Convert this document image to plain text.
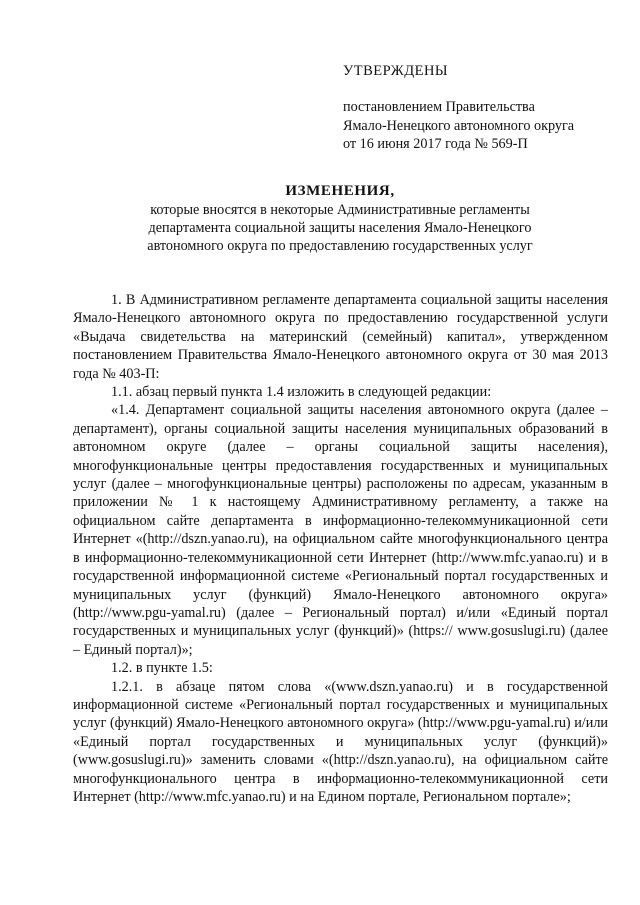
УТВЕРЖДЕНЫ
постановлением Правительства
Ямало-Ненецкого автономного округа
от 16 июня 2017 года № 569-П
ИЗМЕНЕНИЯ,
которые вносятся в некоторые Административные регламенты
департамента социальной защиты населения Ямало-Ненецкого
автономного округа по предоставлению государственных услуг

1. В Административном регламенте департамента социальной защиты населения Ямало-Ненецкого автономного округа по предоставлению государственной услуги «Выдача свидетельства на материнский (семейный) капитал», утвержденном постановлением Правительства Ямало-Ненецкого автономного округа от 30 мая 2013 года № 403-П:

1.1. абзац первый пункта 1.4 изложить в следующей редакции:

«1.4. Департамент социальной защиты населения автономного округа (далее – департамент), органы социальной защиты населения муниципальных образований в автономном округе (далее – органы социальной защиты населения), многофункциональные центры предоставления государственных и муниципальных услуг (далее – многофункциональные центры) расположены по адресам, указанным в приложении № 1 к настоящему Административному регламенту, а также на официальном сайте департамента в информационно-телекоммуникационной сети Интернет «(http://dszn.yanao.ru), на официальном сайте многофункционального центра в информационно-телекоммуникационной сети Интернет (http://www.mfc.yanao.ru) и в государственной информационной системе «Региональный портал государственных и муниципальных услуг (функций) Ямало-Ненецкого автономного округа» (http://www.pgu-yamal.ru) (далее – Региональный портал) и/или «Единый портал государственных и муниципальных услуг (функций)» (https:// www.gosuslugi.ru) (далее – Единый портал)»;

1.2. в пункте 1.5:

1.2.1. в абзаце пятом слова «(www.dszn.yanao.ru) и в государственной информационной системе «Региональный портал государственных и муниципальных услуг (функций) Ямало-Ненецкого автономного округа» (http://www.pgu-yamal.ru) и/или «Единый портал государственных и муниципальных услуг (функций)» (www.gosuslugi.ru)» заменить словами «(http://dszn.yanao.ru), на официальном сайте многофункционального центра в информационно-телекоммуникационной сети Интернет (http://www.mfc.yanao.ru) и на Едином портале, Региональном портале»;
